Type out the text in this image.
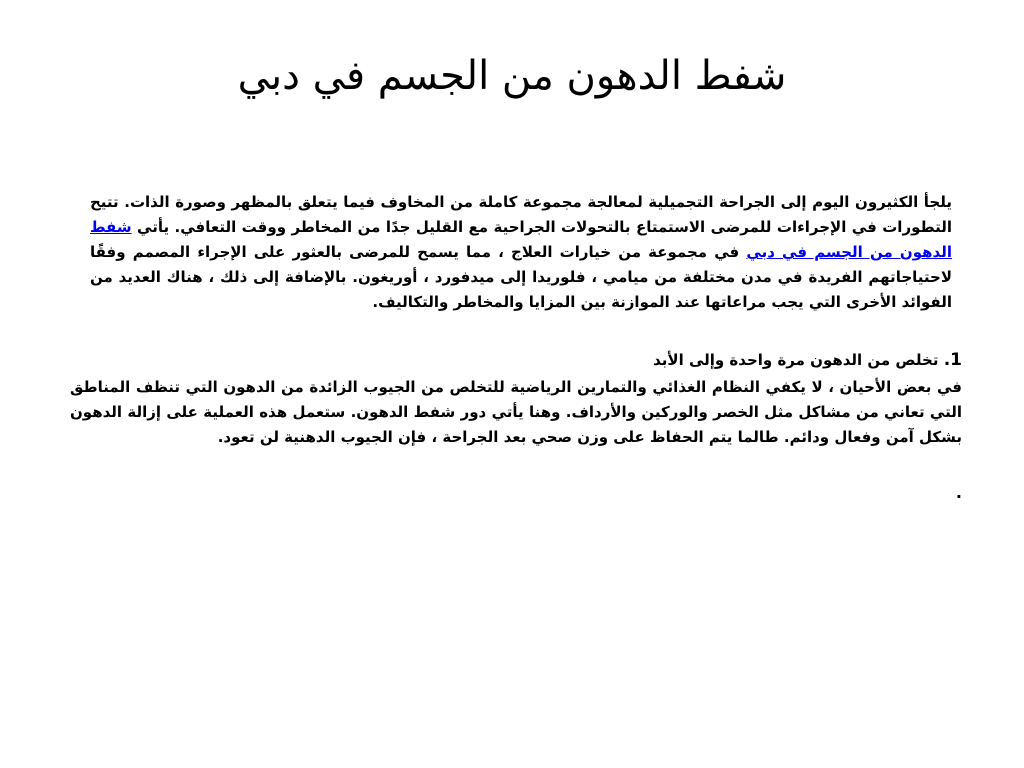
شفط الدهون من الجسم في دبي

يلجأ الكثيرون اليوم إلى الجراحة التجميلية لمعالجة مجموعة كاملة من المخاوف فيما يتعلق بالمظهر وصورة الذات. تتيح التطورات في الإجراءات للمرضى الاستمتاع بالتحولات الجراحية مع القليل جدًا من المخاطر ووقت التعافي. يأتي شفط الدهون من الجسم في دبي في مجموعة من خيارات العلاج ، مما يسمح للمرضى بالعثور على الإجراء المصمم وفقًا لاحتياجاتهم الفريدة في مدن مختلفة من ميامي ، فلوريدا إلى ميدفورد ، أوريغون. بالإضافة إلى ذلك ، هناك العديد من الفوائد الأخرى التي يجب مراعاتها عند الموازنة بين المزايا والمخاطر والتكاليف.

1. تخلص من الدهون مرة واحدة وإلى الأبد

في بعض الأحيان ، لا يكفي النظام الغذائي والتمارين الرياضية للتخلص من الجيوب الزائدة من الدهون التي تنظف المناطق التي تعاني من مشاكل مثل الخصر والوركين والأرداف. وهنا يأتي دور شفط الدهون. ستعمل هذه العملية على إزالة الدهون بشكل آمن وفعال ودائم. طالما يتم الحفاظ على وزن صحي بعد الجراحة ، فإن الجيوب الدهنية لن تعود.

.
